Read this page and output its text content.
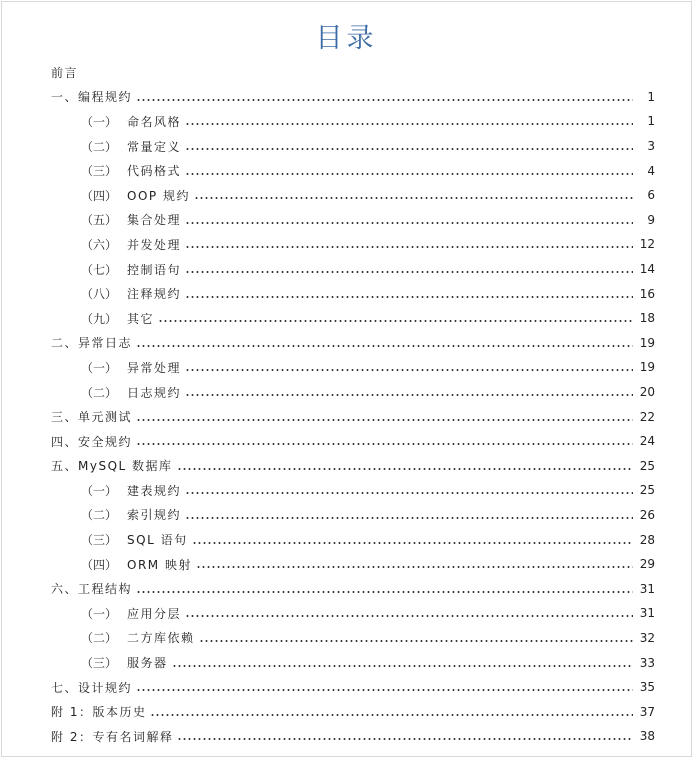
目录
前言
一、编程规约	1
（一） 命名风格	1
（二） 常量定义	3
（三） 代码格式	4
（四） OOP 规约	6
（五） 集合处理	9
（六） 并发处理	12
（七） 控制语句	14
（八） 注释规约	16
（九） 其它	18
二、异常日志	19
（一） 异常处理	19
（二） 日志规约	20
三、单元测试	22
四、安全规约	24
五、MySQL 数据库	25
（一） 建表规约	25
（二） 索引规约	26
（三） SQL 语句	28
（四） ORM 映射	29
六、工程结构	31
（一） 应用分层	31
（二） 二方库依赖	32
（三） 服务器	33
七、设计规约	35
附 1：版本历史	37
附 2：专有名词解释	38
